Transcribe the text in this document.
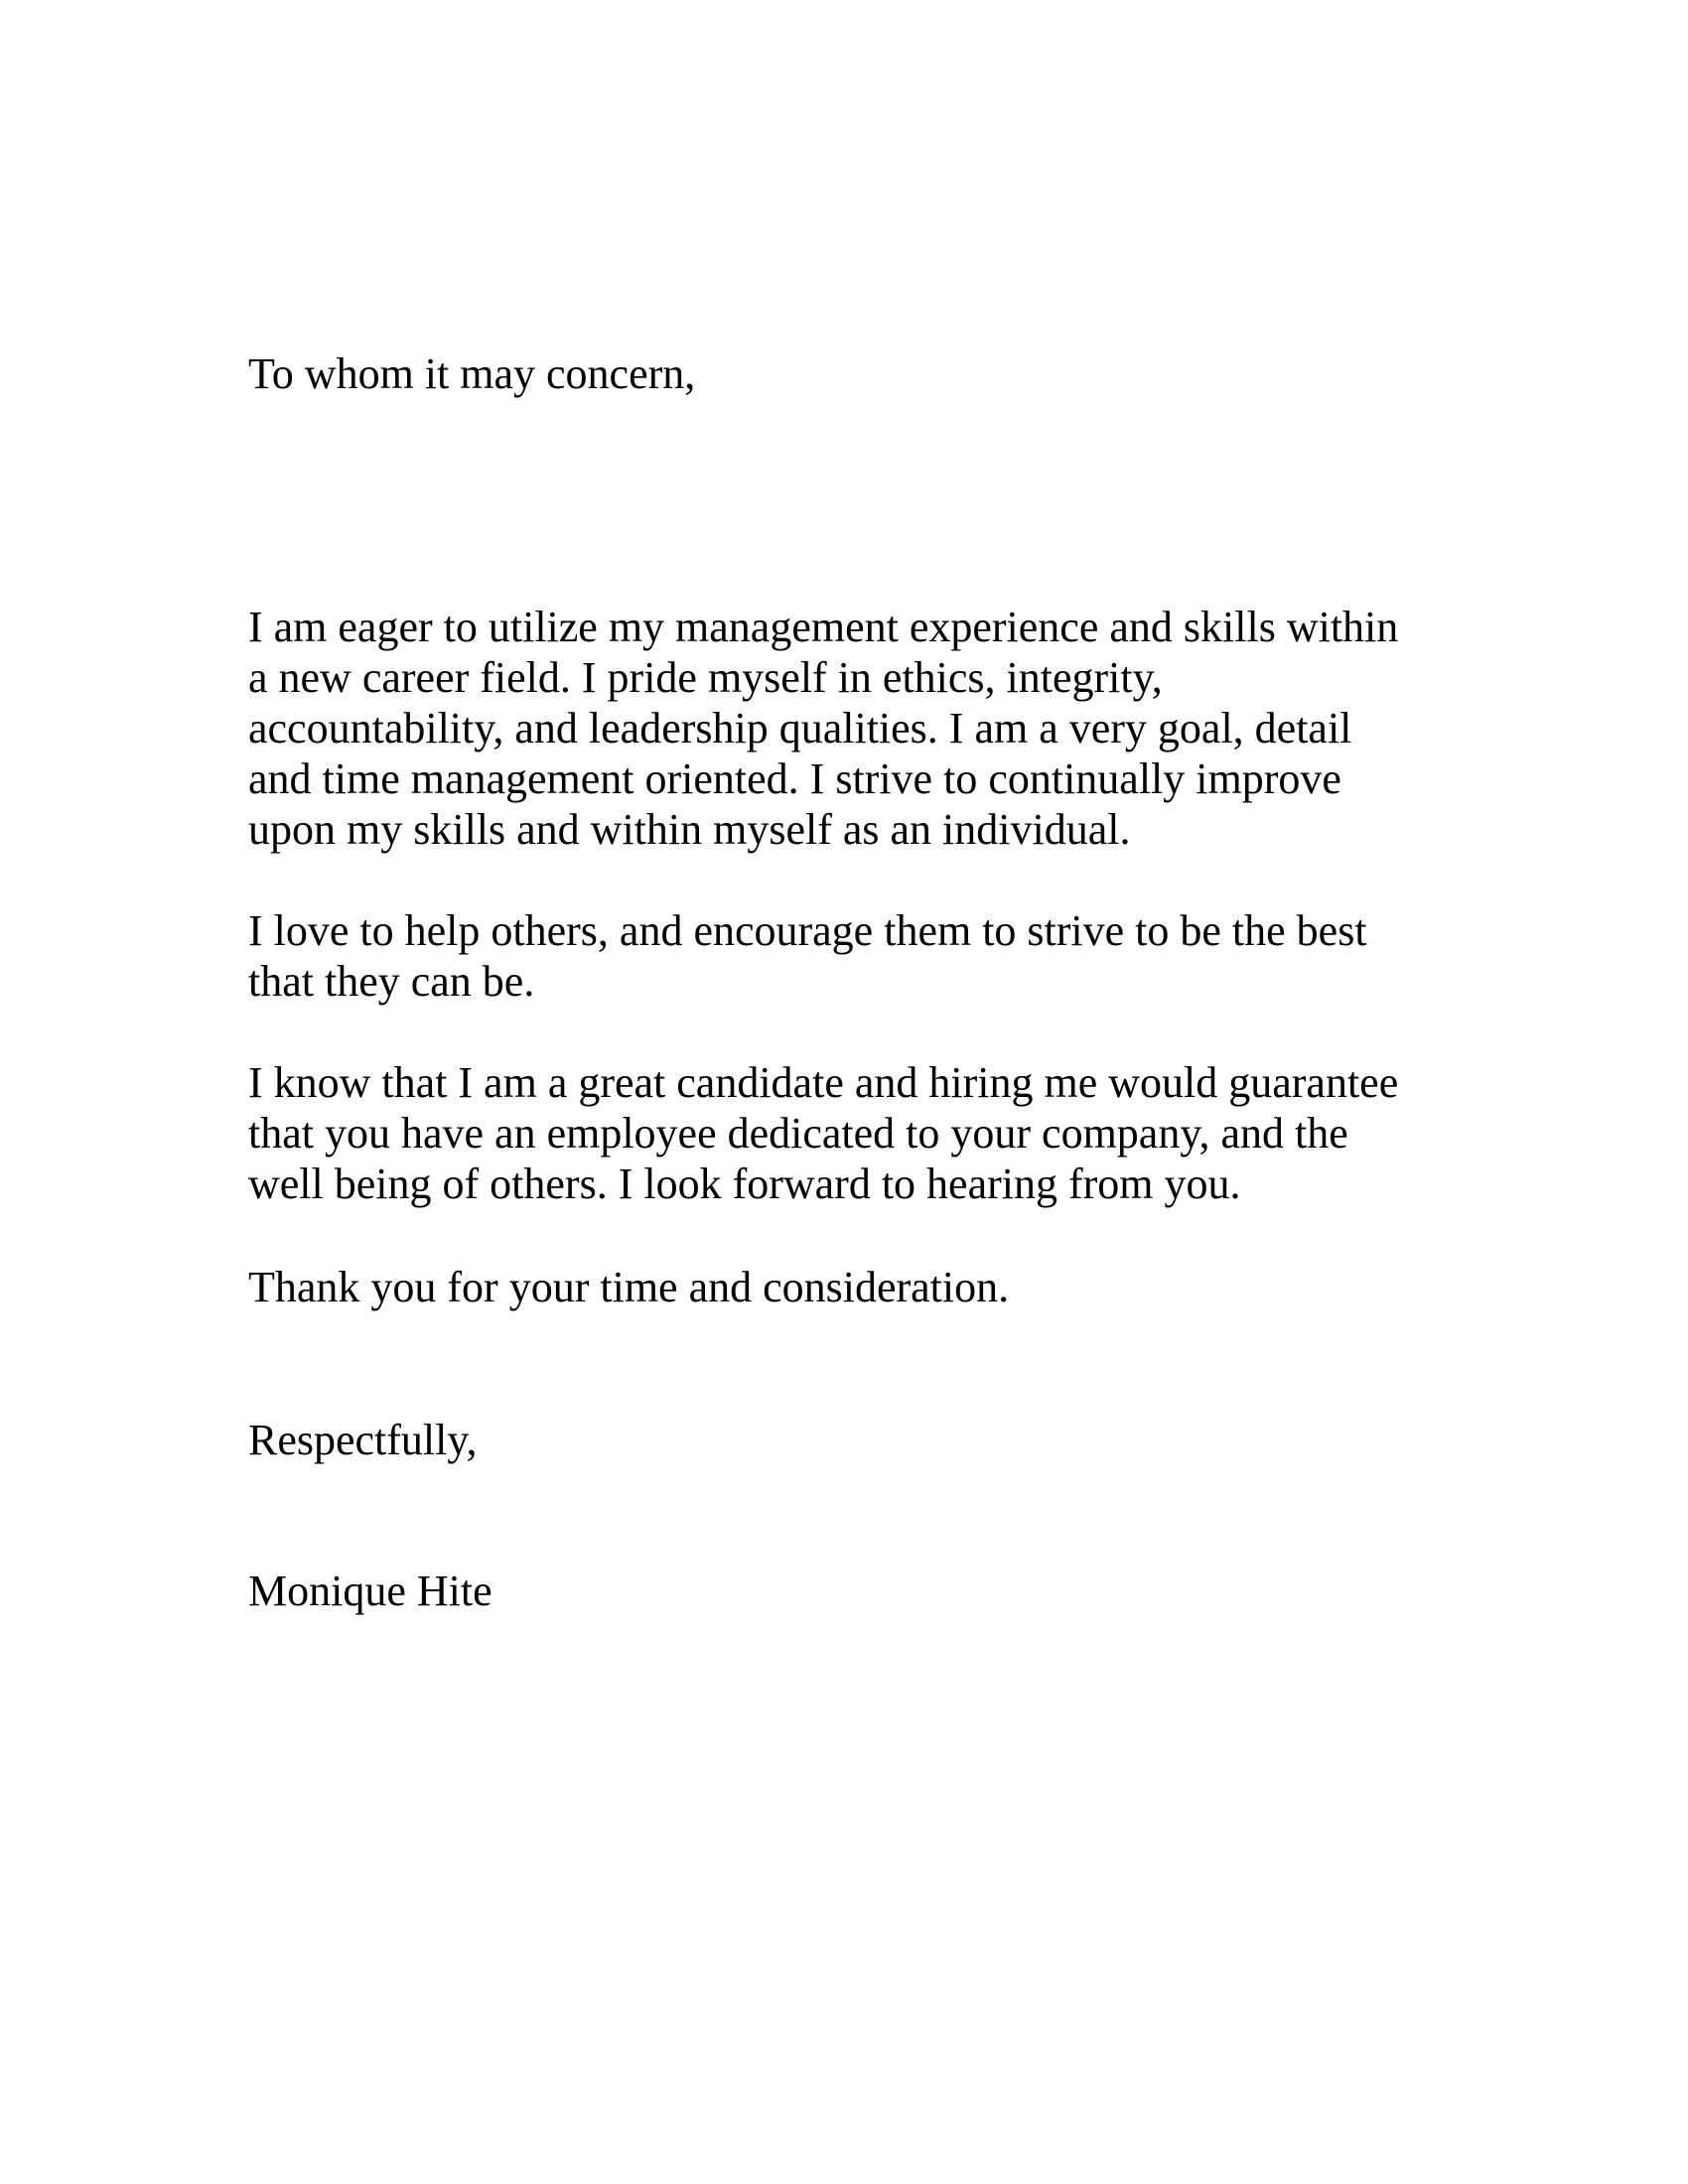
To whom it may concern,

I am eager to utilize my management experience and skills within
a new career field. I pride myself in ethics, integrity,
accountability, and leadership qualities. I am a very goal, detail
and time management oriented. I strive to continually improve
upon my skills and within myself as an individual.

I love to help others, and encourage them to strive to be the best
that they can be.

I know that I am a great candidate and hiring me would guarantee
that you have an employee dedicated to your company, and the
well being of others. I look forward to hearing from you.

Thank you for your time and consideration.

Respectfully,

Monique Hite
